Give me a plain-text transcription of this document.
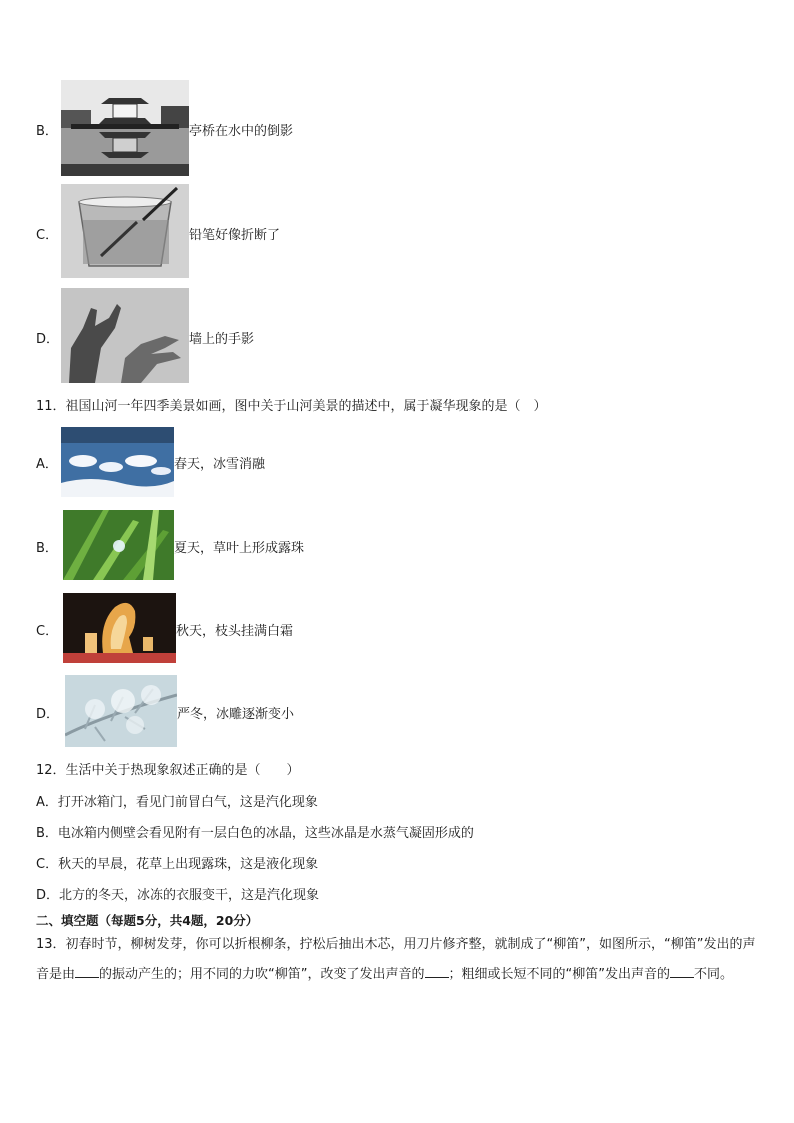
B．	亭桥在水中的倒影
C．	铅笔好像折断了
D．	墙上的手影
11．祖国山河一年四季美景如画，图中关于山河美景的描述中，属于凝华现象的是（　）
A．	春天，冰雪消融
B．	夏天，草叶上形成露珠
C．	秋天，枝头挂满白霜
D．	严冬，冰雕逐渐变小
12．生活中关于热现象叙述正确的是（　　）
A．打开冰箱门，看见门前冒白气，这是汽化现象
B．电冰箱内侧壁会看见附有一层白色的冰晶，这些冰晶是水蒸气凝固形成的
C．秋天的早晨，花草上出现露珠，这是液化现象
D．北方的冬天，冰冻的衣服变干，这是汽化现象
二、填空题（每题5分，共4题，20分）
13．初春时节，柳树发芽，你可以折根柳条，拧松后抽出木芯，用刀片修齐整，就制成了“柳笛”，如图所示，“柳笛”发出的声音是由 的振动产生的；用不同的力吹“柳笛”，改变了发出声音的 ；粗细或长短不同的“柳笛”发出声音的 不同。
